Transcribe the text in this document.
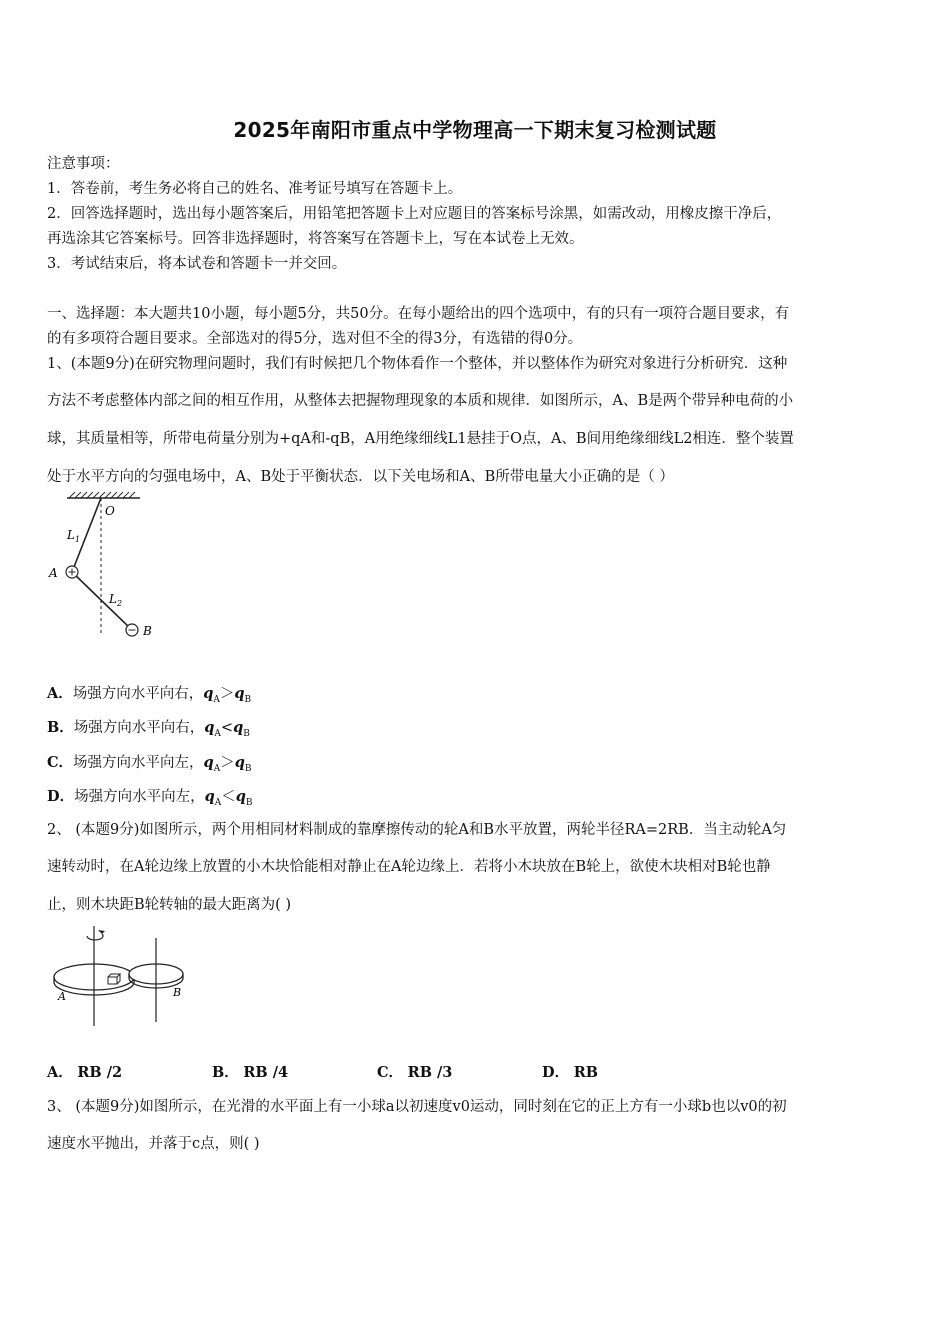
2025年南阳市重点中学物理高一下期末复习检测试题
注意事项：
1．答卷前，考生务必将自己的姓名、准考证号填写在答题卡上。
2．回答选择题时，选出每小题答案后，用铅笔把答题卡上对应题目的答案标号涂黑，如需改动，用橡皮擦干净后，
再选涂其它答案标号。回答非选择题时，将答案写在答题卡上，写在本试卷上无效。
3．考试结束后，将本试卷和答题卡一并交回。
一、选择题：本大题共10小题，每小题5分，共50分。在每小题给出的四个选项中，有的只有一项符合题目要求，有
的有多项符合题目要求。全部选对的得5分，选对但不全的得3分，有选错的得0分。
1、(本题9分)在研究物理问题时，我们有时候把几个物体看作一个整体，并以整体作为研究对象进行分析研究．这种
方法不考虑整体内部之间的相互作用，从整体去把握物理现象的本质和规律．如图所示，A、B是两个带异种电荷的小
球，其质量相等，所带电荷量分别为+qA和-qB，A用绝缘细线L1悬挂于O点，A、B间用绝缘细线L2相连．整个装置
处于水平方向的匀强电场中，A、B处于平衡状态．以下关电场和A、B所带电量大小正确的是（ ）
O
$L_1$
A
$L_2$
B
A．场强方向水平向右，$q_A>q_B$
B．场强方向水平向右，$q_A<q_B$
C．场强方向水平向左，$q_A>q_B$
D．场强方向水平向左，$q_A<q_B$
2、 (本题9分)如图所示，两个用相同材料制成的靠摩擦传动的轮A和B水平放置，两轮半径RA=2RB．当主动轮A匀
速转动时，在A轮边缘上放置的小木块恰能相对静止在A轮边缘上．若将小木块放在B轮上，欲使木块相对B轮也静
止，则木块距B轮转轴的最大距离为( )
A	B
A． RB /2	B． RB /4	C． RB /3	D． RB
3、 (本题9分)如图所示，在光滑的水平面上有一小球a以初速度v0运动，同时刻在它的正上方有一小球b也以v0的初
速度水平抛出，并落于c点，则( )
